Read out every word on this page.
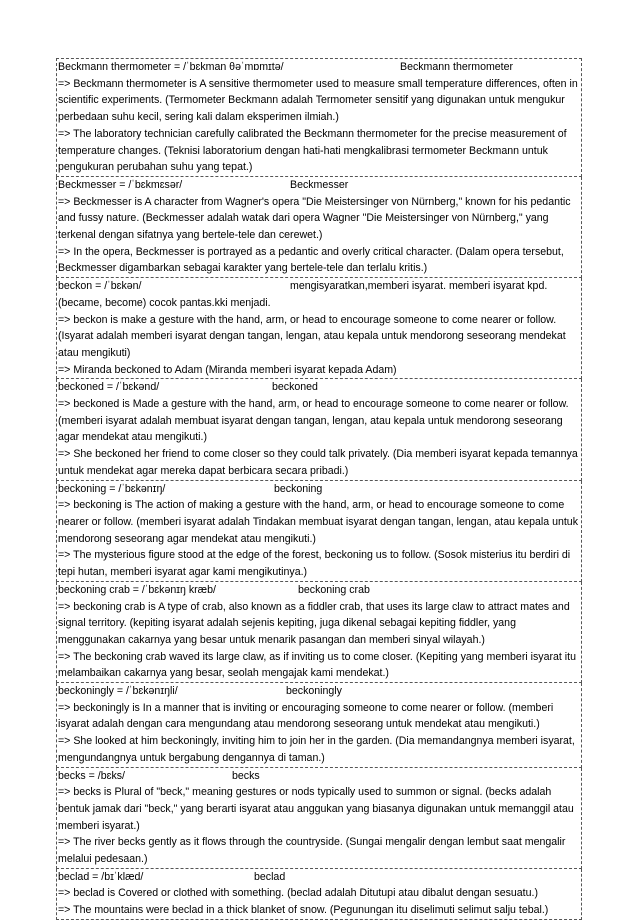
Beckmann thermometer = /ˈbɛkman θəˈmɒmɪtə/	Beckmann thermometer
=> Beckmann thermometer is A sensitive thermometer used to measure small temperature differences, often in scientific experiments. (Termometer Beckmann adalah Termometer sensitif yang digunakan untuk mengukur perbedaan suhu kecil, sering kali dalam eksperimen ilmiah.)
=> The laboratory technician carefully calibrated the Beckmann thermometer for the precise measurement of temperature changes. (Teknisi laboratorium dengan hati-hati mengkalibrasi termometer Beckmann untuk pengukuran perubahan suhu yang tepat.)
Beckmesser = /ˈbɛkmɛsər/	Beckmesser
=> Beckmesser is A character from Wagner's opera "Die Meistersinger von Nürnberg," known for his pedantic and fussy nature. (Beckmesser adalah watak dari opera Wagner "Die Meistersinger von Nürnberg," yang terkenal dengan sifatnya yang bertele-tele dan cerewet.)
=> In the opera, Beckmesser is portrayed as a pedantic and overly critical character. (Dalam opera tersebut, Beckmesser digambarkan sebagai karakter yang bertele-tele dan terlalu kritis.)
beckon = /ˈbɛkən/	mengisyaratkan,memberi isyarat. memberi isyarat kpd. (became, become) cocok pantas.kki menjadi.
=> beckon is make a gesture with the hand, arm, or head to encourage someone to come nearer or follow. (Isyarat adalah memberi isyarat dengan tangan, lengan, atau kepala untuk mendorong seseorang mendekat atau mengikuti)
=> Miranda beckoned to Adam (Miranda memberi isyarat kepada Adam)
beckoned = /ˈbɛkənd/	beckoned
=> beckoned is Made a gesture with the hand, arm, or head to encourage someone to come nearer or follow. (memberi isyarat adalah membuat isyarat dengan tangan, lengan, atau kepala untuk mendorong seseorang agar mendekat atau mengikuti.)
=> She beckoned her friend to come closer so they could talk privately. (Dia memberi isyarat kepada temannya untuk mendekat agar mereka dapat berbicara secara pribadi.)
beckoning = /ˈbɛkənɪŋ/	beckoning
=> beckoning is The action of making a gesture with the hand, arm, or head to encourage someone to come nearer or follow. (memberi isyarat adalah Tindakan membuat isyarat dengan tangan, lengan, atau kepala untuk mendorong seseorang agar mendekat atau mengikuti.)
=> The mysterious figure stood at the edge of the forest, beckoning us to follow. (Sosok misterius itu berdiri di tepi hutan, memberi isyarat agar kami mengikutinya.)
beckoning crab = /ˈbɛkənɪŋ kræb/	beckoning crab
=> beckoning crab is A type of crab, also known as a fiddler crab, that uses its large claw to attract mates and signal territory. (kepiting isyarat adalah sejenis kepiting, juga dikenal sebagai kepiting fiddler, yang menggunakan cakarnya yang besar untuk menarik pasangan dan memberi sinyal wilayah.)
=> The beckoning crab waved its large claw, as if inviting us to come closer. (Kepiting yang memberi isyarat itu melambaikan cakarnya yang besar, seolah mengajak kami mendekat.)
beckoningly = /ˈbɛkənɪŋli/	beckoningly
=> beckoningly is In a manner that is inviting or encouraging someone to come nearer or follow. (memberi isyarat adalah dengan cara mengundang atau mendorong seseorang untuk mendekat atau mengikuti.)
=> She looked at him beckoningly, inviting him to join her in the garden. (Dia memandangnya memberi isyarat, mengundangnya untuk bergabung dengannya di taman.)
becks = /bɛks/	becks
=> becks is Plural of "beck," meaning gestures or nods typically used to summon or signal. (becks adalah bentuk jamak dari "beck," yang berarti isyarat atau anggukan yang biasanya digunakan untuk memanggil atau memberi isyarat.)
=> The river becks gently as it flows through the countryside. (Sungai mengalir dengan lembut saat mengalir melalui pedesaan.)
beclad = /bɪˈklæd/	beclad
=> beclad is Covered or clothed with something. (beclad adalah Ditutupi atau dibalut dengan sesuatu.)
=> The mountains were beclad in a thick blanket of snow. (Pegunungan itu diselimuti selimut salju tebal.)
